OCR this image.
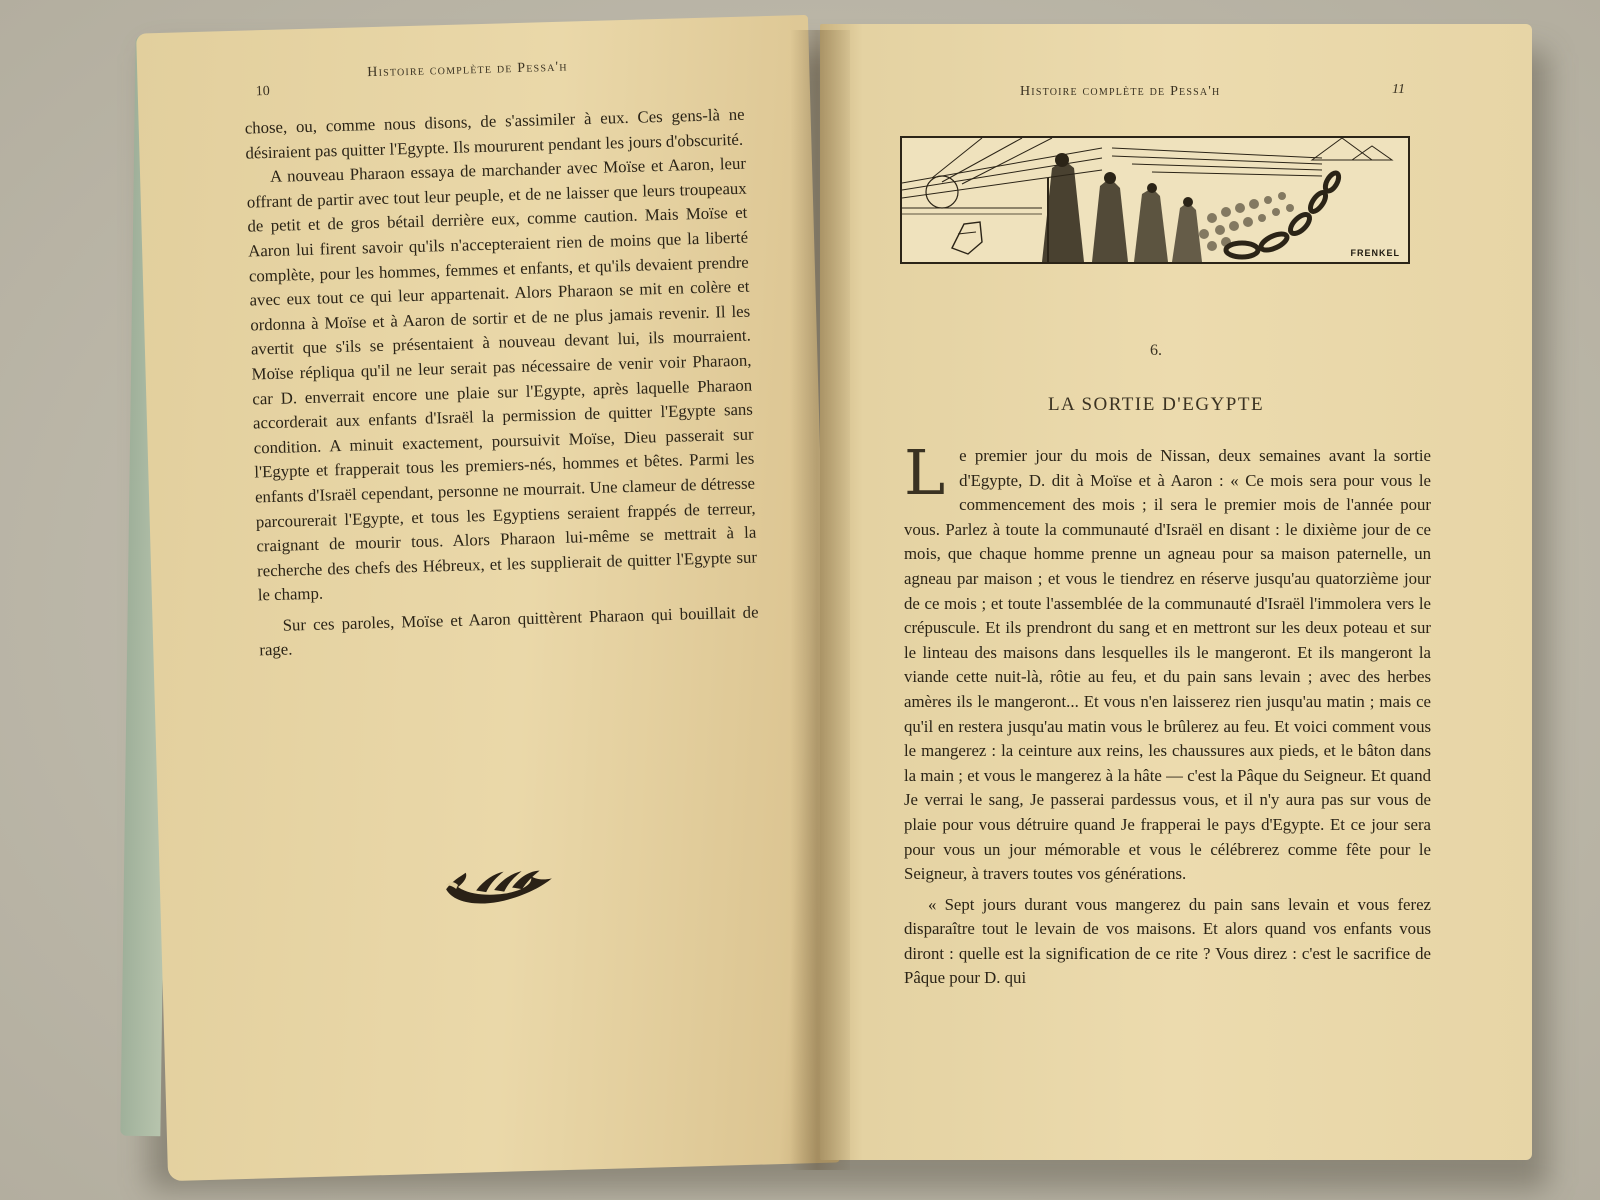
10
Histoire complète de Pessa'h

chose, ou, comme nous disons, de s'assimiler à eux. Ces gens-là ne désiraient pas quitter l'Egypte. Ils moururent pendant les jours d'obscurité.

A nouveau Pharaon essaya de marchander avec Moïse et Aaron, leur offrant de partir avec tout leur peuple, et de ne laisser que leurs troupeaux de petit et de gros bétail derrière eux, comme caution. Mais Moïse et Aaron lui firent savoir qu'ils n'accepteraient rien de moins que la liberté complète, pour les hommes, femmes et enfants, et qu'ils devaient prendre avec eux tout ce qui leur appartenait. Alors Pharaon se mit en colère et ordonna à Moïse et à Aaron de sortir et de ne plus jamais revenir. Il les avertit que s'ils se présentaient à nouveau devant lui, ils mourraient. Moïse répliqua qu'il ne leur serait pas nécessaire de venir voir Pharaon, car D. enverrait encore une plaie sur l'Egypte, après laquelle Pharaon accorderait aux enfants d'Israël la permission de quitter l'Egypte sans condition. A minuit exactement, poursuivit Moïse, Dieu passerait sur l'Egypte et frapperait tous les premiers-nés, hommes et bêtes. Parmi les enfants d'Israël cependant, personne ne mourrait. Une clameur de détresse parcourerait l'Egypte, et tous les Egyptiens seraient frappés de terreur, craignant de mourir tous. Alors Pharaon lui-même se mettrait à la recherche des chefs des Hébreux, et les supplierait de quitter l'Egypte sur le champ.

Sur ces paroles, Moïse et Aaron quittèrent Pharaon qui bouillait de rage.

Histoire complète de Pessa'h	11
FRENKEL
6.
LA SORTIE D'EGYPTE

Le premier jour du mois de Nissan, deux semaines avant la sortie d'Egypte, D. dit à Moïse et à Aaron : « Ce mois sera pour vous le commencement des mois ; il sera le premier mois de l'année pour vous. Parlez à toute la communauté d'Israël en disant : le dixième jour de ce mois, que chaque homme prenne un agneau pour sa maison paternelle, un agneau par maison ; et vous le tiendrez en réserve jusqu'au quatorzième jour de ce mois ; et toute l'assemblée de la communauté d'Israël l'immolera vers le crépuscule. Et ils prendront du sang et en mettront sur les deux poteau et sur le linteau des maisons dans lesquelles ils le mangeront. Et ils mangeront la viande cette nuit-là, rôtie au feu, et du pain sans levain ; avec des herbes amères ils le mangeront... Et vous n'en laisserez rien jusqu'au matin ; mais ce qu'il en restera jusqu'au matin vous le brûlerez au feu. Et voici comment vous le mangerez : la ceinture aux reins, les chaussures aux pieds, et le bâton dans la main ; et vous le mangerez à la hâte — c'est la Pâque du Seigneur. Et quand Je verrai le sang, Je passerai pardessus vous, et il n'y aura pas sur vous de plaie pour vous détruire quand Je frapperai le pays d'Egypte. Et ce jour sera pour vous un jour mémorable et vous le célébrerez comme fête pour le Seigneur, à travers toutes vos générations.

« Sept jours durant vous mangerez du pain sans levain et vous ferez disparaître tout le levain de vos maisons. Et alors quand vos enfants vous diront : quelle est la signification de ce rite ? Vous direz : c'est le sacrifice de Pâque pour D. qui
